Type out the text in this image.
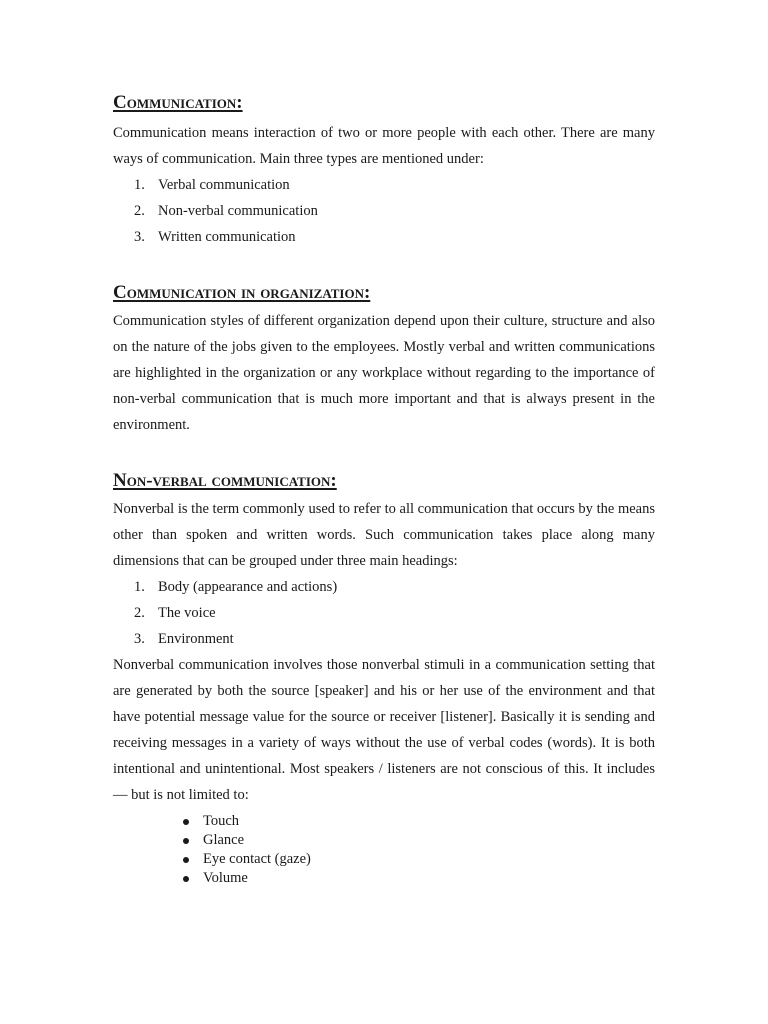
Communication:

Communication means interaction of two or more people with each other. There are many ways of communication. Main three types are mentioned under:

1. Verbal communication
2. Non-verbal communication
3. Written communication
Communication in organization:

Communication styles of different organization depend upon their culture, structure and also on the nature of the jobs given to the employees. Mostly verbal and written communications are highlighted in the organization or any workplace without regarding to the importance of non-verbal communication that is much more important and that is always present in the environment.

Non-verbal communication:

Nonverbal is the term commonly used to refer to all communication that occurs by the means other than spoken and written words. Such communication takes place along many dimensions that can be grouped under three main headings:

1. Body (appearance and actions)
2. The voice
3. Environment

Nonverbal communication involves those nonverbal stimuli in a communication setting that are generated by both the source [speaker] and his or her use of the environment and that have potential message value for the source or receiver [listener]. Basically it is sending and receiving messages in a variety of ways without the use of verbal codes (words). It is both intentional and unintentional. Most speakers / listeners are not conscious of this. It includes — but is not limited to:

Touch
Glance
Eye contact (gaze)
Volume
